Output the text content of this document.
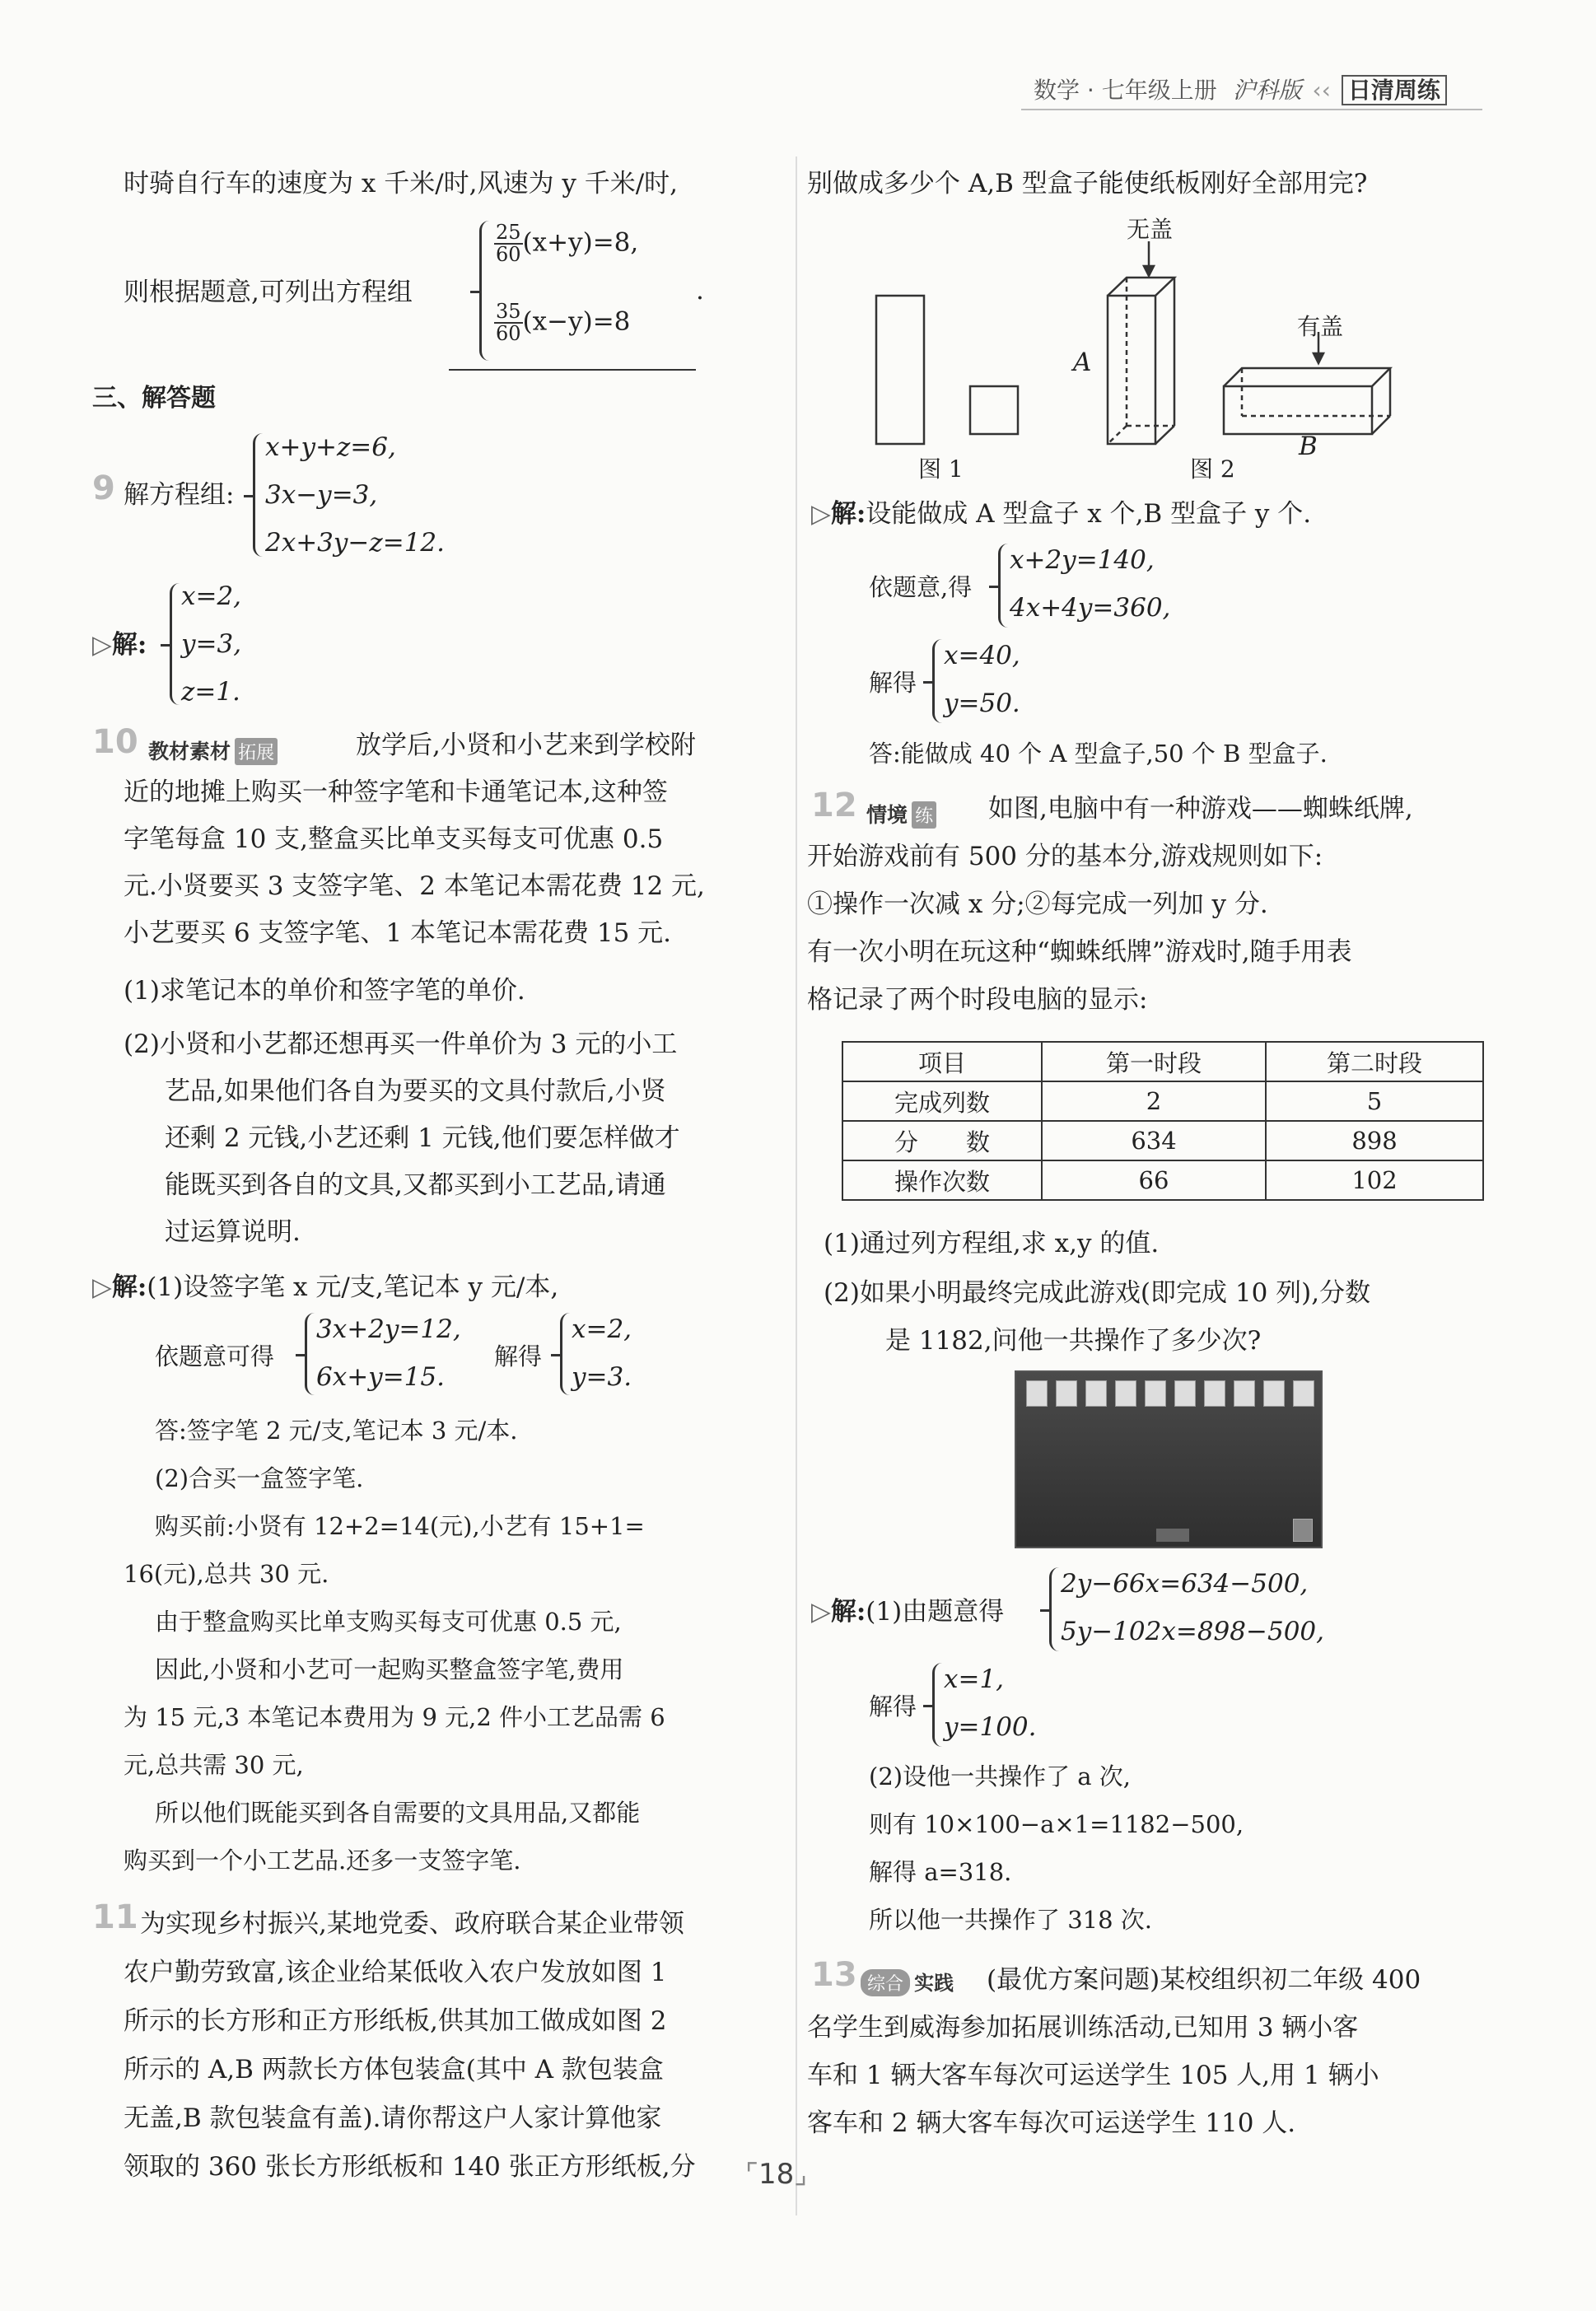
数学 · 七年级上册 沪科版 ‹‹ 日清周练
时骑自行车的速度为 x 千米/时,风速为 y 千米/时,
则根据题意,可列出方程组
$\frac{25}{60} (x+y)=8$,
$\frac{35}{60} (x-y)=8$
.
三、解答题
9 解方程组:
x+y+z=6,
3x−y=3,
2x+3y−z=12.
▷解:
x=2,
y=3,
z=1.
10 教材素材 拓展	放学后,小贤和小艺来到学校附
近的地摊上购买一种签字笔和卡通笔记本,这种签
字笔每盒 10 支,整盒买比单支买每支可优惠 0.5
元.小贤要买 3 支签字笔、2 本笔记本需花费 12 元,
小艺要买 6 支签字笔、1 本笔记本需花费 15 元.
(1)求笔记本的单价和签字笔的单价.
(2)小贤和小艺都还想再买一件单价为 3 元的小工
艺品,如果他们各自为要买的文具付款后,小贤
还剩 2 元钱,小艺还剩 1 元钱,他们要怎样做才
能既买到各自的文具,又都买到小工艺品,请通
过运算说明.
▷解:(1)设签字笔 x 元/支,笔记本 y 元/本,
依题意可得
3x+2y=12,
6x+y=15.
解得
x=2,
y=3.
答:签字笔 2 元/支,笔记本 3 元/本.
(2)合买一盒签字笔.
购买前:小贤有 12+2=14(元),小艺有 15+1=
16(元),总共 30 元.
由于整盒购买比单支购买每支可优惠 0.5 元,
因此,小贤和小艺可一起购买整盒签字笔,费用
为 15 元,3 本笔记本费用为 9 元,2 件小工艺品需 6
元,总共需 30 元,
所以他们既能买到各自需要的文具用品,又都能
购买到一个小工艺品.还多一支签字笔.
11 为实现乡村振兴,某地党委、政府联合某企业带领
农户勤劳致富,该企业给某低收入农户发放如图 1
所示的长方形和正方形纸板,供其加工做成如图 2
所示的 A,B 两款长方体包装盒(其中 A 款包装盒
无盖,B 款包装盒有盖).请你帮这户人家计算他家
领取的 360 张长方形纸板和 140 张正方形纸板,分
别做成多少个 A,B 型盒子能使纸板刚好全部用完?
无盖
有盖
A
B
图 1	图 2
▷解:设能做成 A 型盒子 x 个,B 型盒子 y 个.
依题意,得
x+2y=140,
4x+4y=360,
解得
x=40,
y=50.
答:能做成 40 个 A 型盒子,50 个 B 型盒子.
12 情境 练 如图,电脑中有一种游戏——蜘蛛纸牌,
开始游戏前有 500 分的基本分,游戏规则如下:
①操作一次减 x 分;②每完成一列加 y 分.
有一次小明在玩这种“蜘蛛纸牌”游戏时,随手用表
格记录了两个时段电脑的显示:
项目	第一时段	第二时段
完成列数	2	5
分　　数	634	898
操作次数	66	102
(1)通过列方程组,求 x,y 的值.
(2)如果小明最终完成此游戏(即完成 10 列),分数
是 1182,问他一共操作了多少次?
▷解:(1)由题意得
2y−66x=634−500,
5y−102x=898−500,
解得
x=1,
y=100.
(2)设他一共操作了 a 次,
则有 10×100−a×1=1182−500,
解得 a=318.
所以他一共操作了 318 次.
13 综合 实践 (最优方案问题)某校组织初二年级 400
名学生到威海参加拓展训练活动,已知用 3 辆小客
车和 1 辆大客车每次可运送学生 105 人,用 1 辆小
客车和 2 辆大客车每次可运送学生 110 人.
⌜18⌟
